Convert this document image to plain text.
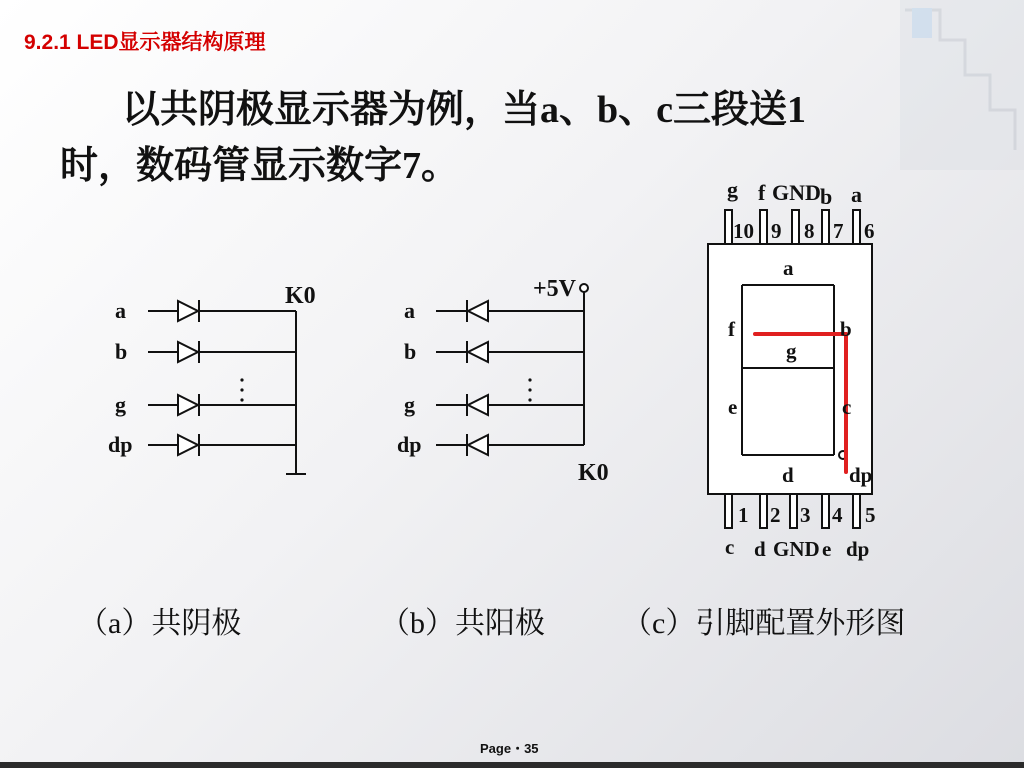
9.2.1 LED显示器结构原理
以共阴极显示器为例，当a、b、c三段送1
时，数码管显示数字7。
a
b
g
dp
K0
a
b
g
dp
+5V
K0
g f GND b a
10 9 8 7 6
a
f	b
g
e	c
d	dp
1 2 3 4 5
c d GND e dp
（a）共阴极	（b）共阳极	（c）引脚配置外形图
Page・35
